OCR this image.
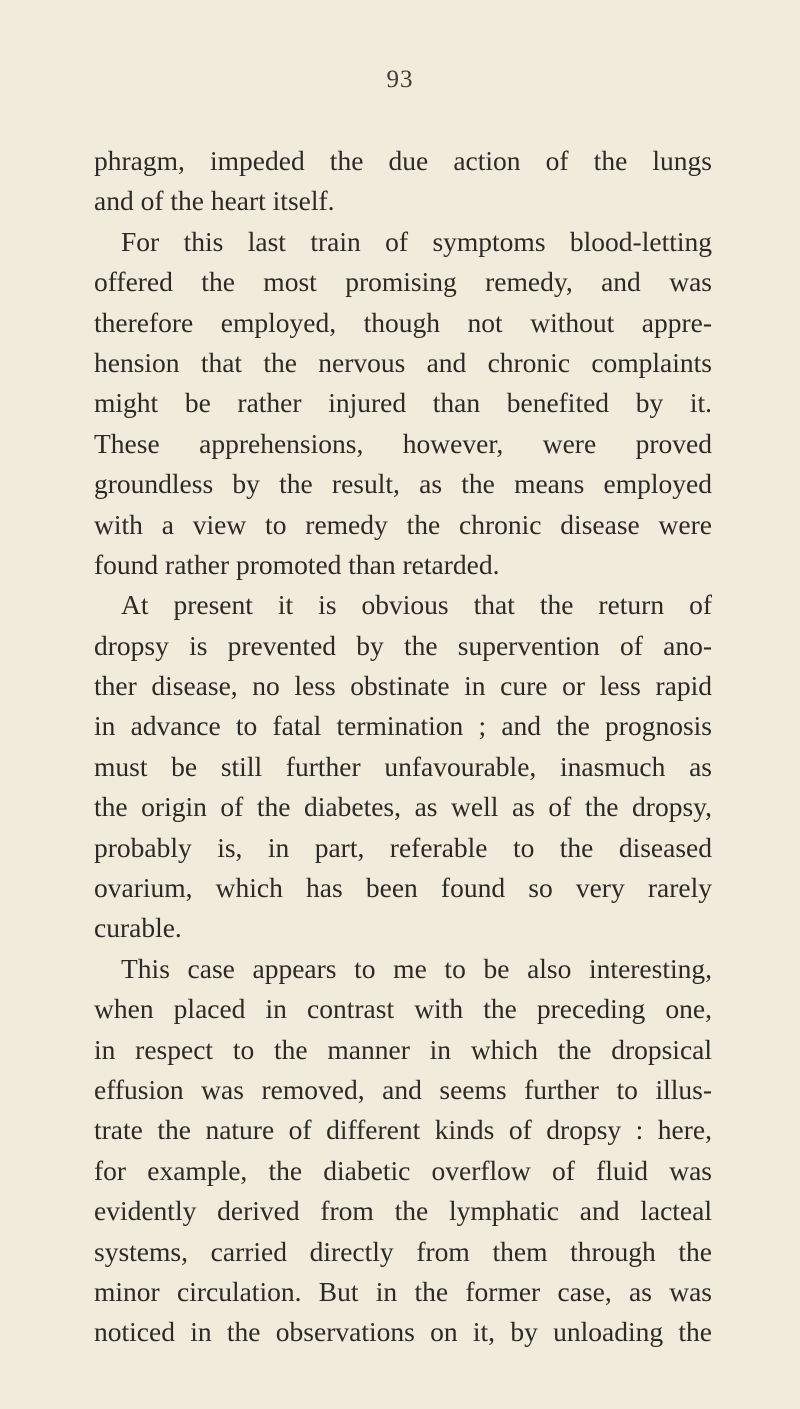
93
phragm, impeded the due action of the lungs
and of the heart itself.
For this last train of symptoms blood-letting
offered the most promising remedy, and was
therefore employed, though not without appre-
hension that the nervous and chronic complaints
might be rather injured than benefited by it.
These apprehensions, however, were proved
groundless by the result, as the means employed
with a view to remedy the chronic disease were
found rather promoted than retarded.
At present it is obvious that the return of
dropsy is prevented by the supervention of ano-
ther disease, no less obstinate in cure or less rapid
in advance to fatal termination ; and the prognosis
must be still further unfavourable, inasmuch as
the origin of the diabetes, as well as of the dropsy,
probably is, in part, referable to the diseased
ovarium, which has been found so very rarely
curable.
This case appears to me to be also interesting,
when placed in contrast with the preceding one,
in respect to the manner in which the dropsical
effusion was removed, and seems further to illus-
trate the nature of different kinds of dropsy : here,
for example, the diabetic overflow of fluid was
evidently derived from the lymphatic and lacteal
systems, carried directly from them through the
minor circulation. But in the former case, as was
noticed in the observations on it, by unloading the
